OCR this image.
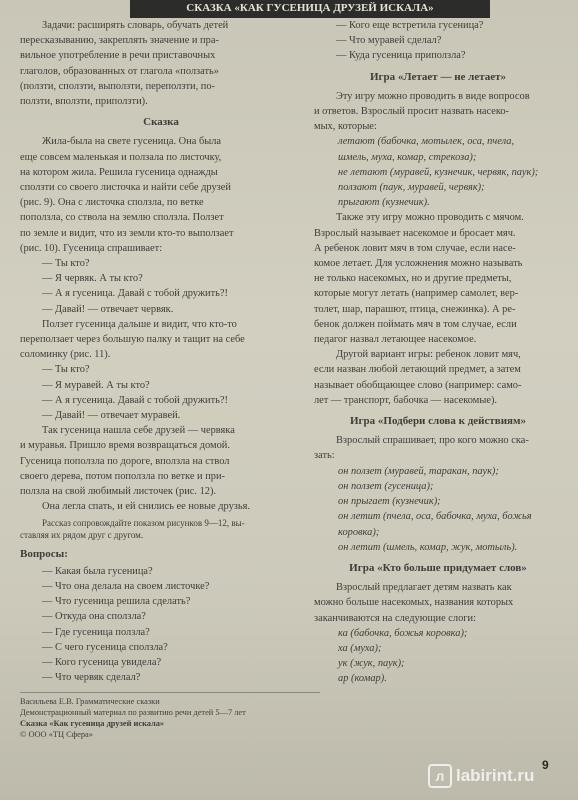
СКАЗКА «КАК ГУСЕНИЦА ДРУЗЕЙ ИСКАЛА»

Задачи: расширять словарь, обучать детей

пересказыванию, закреплять значение и пра-

вильное употребление в речи приставочных

глаголов, образованных от глагола «ползать»

(ползти, сползти, выползти, переползти, по-

ползти, вползти, приползти).

Сказка

Жила-была на свете гусеница. Она была

еще совсем маленькая и ползала по листочку,

на котором жила. Решила гусеница однажды

сползти со своего листочка и найти себе друзей

(рис. 9). Она с листочка сползла, по ветке

поползла, со ствола на землю сползла. Ползет

по земле и видит, что из земли кто-то выползает

(рис. 10). Гусеница спрашивает:

— Ты кто?

— Я червяк. А ты кто?

— А я гусеница. Давай с тобой дружить?!

— Давай! — отвечает червяк.

Ползет гусеница дальше и видит, что кто-то

переползает через большую палку и тащит на себе

соломинку (рис. 11).

— Ты кто?

— Я муравей. А ты кто?

— А я гусеница. Давай с тобой дружить?!

— Давай! — отвечает муравей.

Так гусеница нашла себе друзей — червяка

и муравья. Пришло время возвращаться домой.

Гусеница поползла по дороге, вползла на ствол

своего дерева, потом поползла по ветке и при-

ползла на свой любимый листочек (рис. 12).

Она легла спать, и ей снились ее новые друзья.

Рассказ сопровождайте показом рисунков 9—12, вы-

ставляя их рядом друг с другом.

Вопросы:

— Какая была гусеница?

— Что она делала на своем листочке?

— Что гусеница решила сделать?

— Откуда она сползла?

— Где гусеница ползла?

— С чего гусеница сползла?

— Кого гусеница увидела?

— Что червяк сделал?

— Кого еще встретила гусеница?

— Что муравей сделал?

— Куда гусеница приползла?

Игра «Летает — не летает»

Эту игру можно проводить в виде вопросов

и ответов. Взрослый просит назвать насеко-

мых, которые:

летают (бабочка, мотылек, оса, пчела,

шмель, муха, комар, стрекоза);

не летают (муравей, кузнечик, червяк, паук);

ползают (паук, муравей, червяк);

прыгают (кузнечик).

Также эту игру можно проводить с мячом.

Взрослый называет насекомое и бросает мяч.

А ребенок ловит мяч в том случае, если насе-

комое летает. Для усложнения можно называть

не только насекомых, но и другие предметы,

которые могут летать (например самолет, вер-

толет, шар, парашют, птица, снежинка). А ре-

бенок должен поймать мяч в том случае, если

педагог назвал летающее насекомое.

Другой вариант игры: ребенок ловит мяч,

если назван любой летающий предмет, а затем

называет обобщающее слово (например: само-

лет — транспорт, бабочка — насекомые).

Игра «Подбери слова к действиям»

Взрослый спрашивает, про кого можно ска-

зать:

он ползет (муравей, таракан, паук);

он ползет (гусеница);

он прыгает (кузнечик);

он летит (пчела, оса, бабочка, муха, божья

коровка);

он летит (шмель, комар, жук, мотыль).

Игра «Кто больше придумает слов»

Взрослый предлагает детям назвать как

можно больше насекомых, названия которых

заканчиваются на следующие слоги:

ка (бабочка, божья коровка);

ха (муха);

ук (жук, паук);

ар (комар).

Васильева Е.В. Грамматические сказки
Демонстрационный материал по развитию речи детей 5—7 лет
Сказка «Как гусеница друзей искала»
© ООО «ТЦ Сфера»
9
л labirint.ru
